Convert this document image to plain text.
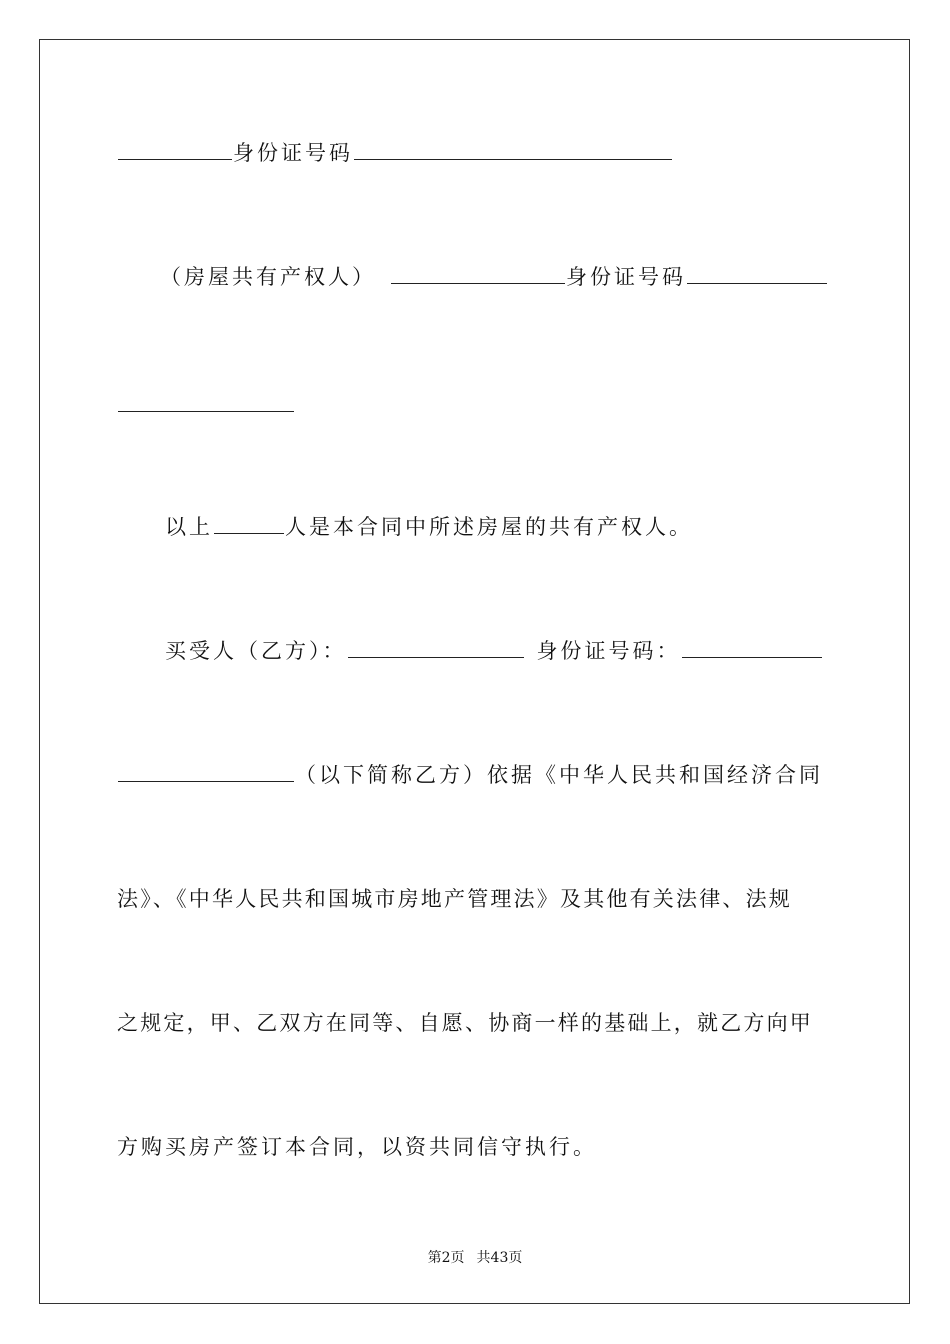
身份证号码
（房屋共有产权人）	身份证号码
以上	人是本合同中所述房屋的共有产权人。
买受人（乙方）：	身份证号码：
（以下简称乙方）依据《中华人民共和国经济合同
法》、《中华人民共和国城市房地产管理法》及其他有关法律、法规
之规定，甲、乙双方在同等、自愿、协商一样的基础上，就乙方向甲
方购买房产签订本合同，以资共同信守执行。
第2页 共43页
